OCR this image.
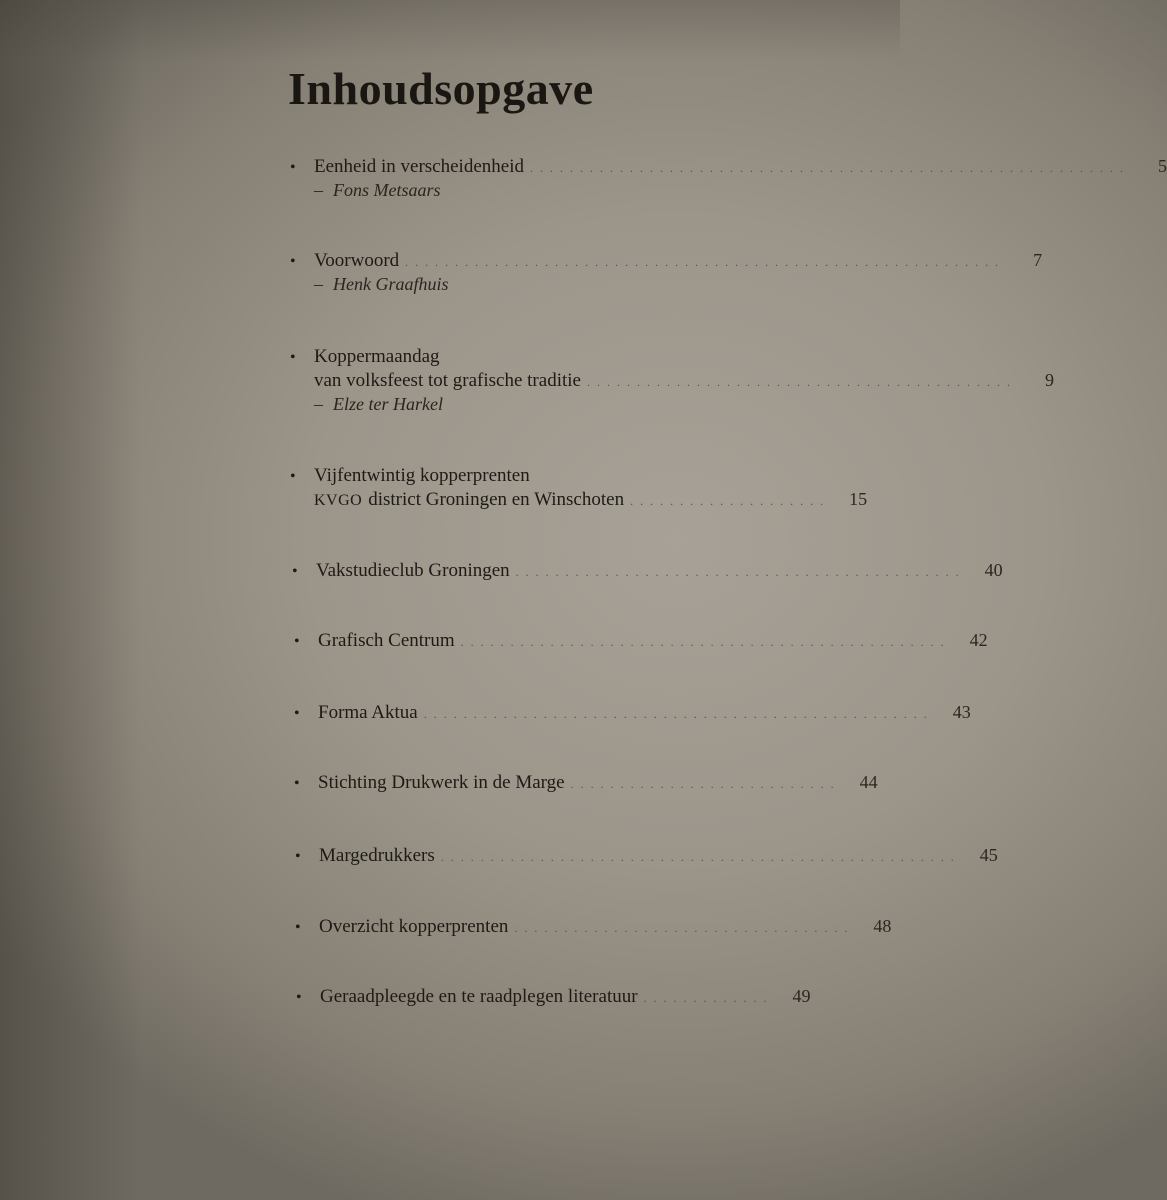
Inhoudsopgave
• Eenheid in verscheidenheid . . . . . . . . . . . . . . . . . . . . . . . . . . . . . . . . . . . . . . . . . . . . . . . . . . . . . . . . . . . .	5
– Fons Metsaars
• Voorwoord . . . . . . . . . . . . . . . . . . . . . . . . . . . . . . . . . . . . . . . . . . . . . . . . . . . . . . . . . . . .	7
– Henk Graafhuis
• Koppermaandag
van volksfeest tot grafische traditie . . . . . . . . . . . . . . . . . . . . . . . . . . . . . . . . . . . . . . . . . . .	9
– Elze ter Harkel
• Vijfentwintig kopperprenten
KVGO district Groningen en Winschoten . . . . . . . . . . . . . . . . . . . .	15
• Vakstudieclub Groningen . . . . . . . . . . . . . . . . . . . . . . . . . . . . . . . . . . . . . . . . . . . . .	40
• Grafisch Centrum . . . . . . . . . . . . . . . . . . . . . . . . . . . . . . . . . . . . . . . . . . . . . . . . .	42
• Forma Aktua . . . . . . . . . . . . . . . . . . . . . . . . . . . . . . . . . . . . . . . . . . . . . . . . . . .	43
• Stichting Drukwerk in de Marge . . . . . . . . . . . . . . . . . . . . . . . . . . .	44
• Margedrukkers . . . . . . . . . . . . . . . . . . . . . . . . . . . . . . . . . . . . . . . . . . . . . . . . . . . .	45
• Overzicht kopperprenten . . . . . . . . . . . . . . . . . . . . . . . . . . . . . . . . . .	48
• Geraadpleegde en te raadplegen literatuur . . . . . . . . . . . . .	49
